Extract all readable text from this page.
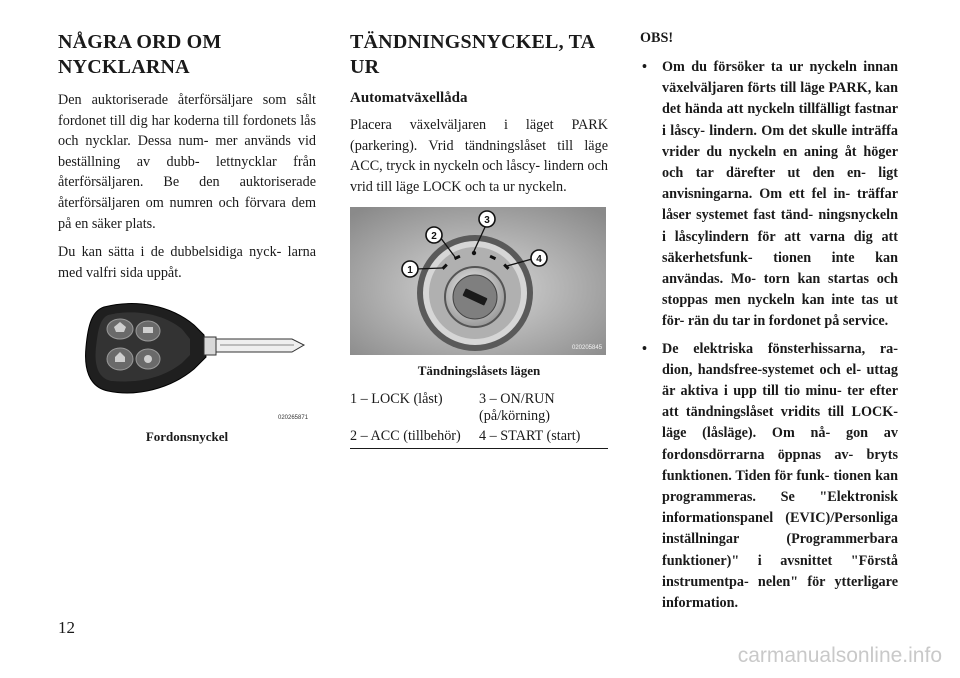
NÅGRA ORD OM NYCKLARNA

Den auktoriserade återförsäljare som sålt fordonet till dig har koderna till fordonets lås och nycklar. Dessa num- mer används vid beställning av dubb- lettnycklar från återförsäljaren. Be den auktoriserade återförsäljaren om numren och förvara dem på en säker plats.

Du kan sätta i de dubbelsidiga nyck- larna med valfri sida uppåt.

020265871
Fordonsnyckel
TÄNDNINGSNYCKEL, TA UR
Automatväxellåda

Placera växelväljaren i läget PARK (parkering). Vrid tändningslåset till läge ACC, tryck in nyckeln och låscy- lindern och vrid till läge LOCK och ta ur nyckeln.

1
2
3
4
020205845
Tändningslåsets lägen
1 – LOCK (låst)	3 – ON/RUN (på/körning)
2 – ACC (tillbehör)	4 – START (start)
OBS!
• Om du försöker ta ur nyckeln innan växelväljaren förts till läge PARK, kan det hända att nyckeln tillfälligt fastnar i låscy- lindern. Om det skulle inträffa vrider du nyckeln en aning åt höger och tar därefter ut den en- ligt anvisningarna. Om ett fel in- träffar låser systemet fast tänd- ningsnyckeln i låscylindern för att varna dig att säkerhetsfunk- tionen inte kan användas. Mo- torn kan startas och stoppas men nyckeln kan inte tas ut för- rän du tar in fordonet på service.
• De elektriska fönsterhissarna, ra- dion, handsfree-systemet och el- uttag är aktiva i upp till tio minu- ter efter att tändningslåset vridits till LOCK-läge (låsläge). Om nå- gon av fordonsdörrarna öppnas av- bryts funktionen. Tiden för funk- tionen kan programmeras. Se "Elektronisk informationspanel (EVIC)/Personliga inställningar (Programmerbara funktioner)" i avsnittet "Förstå instrumentpa- nelen" för ytterligare information.
12
carmanualsonline.info
